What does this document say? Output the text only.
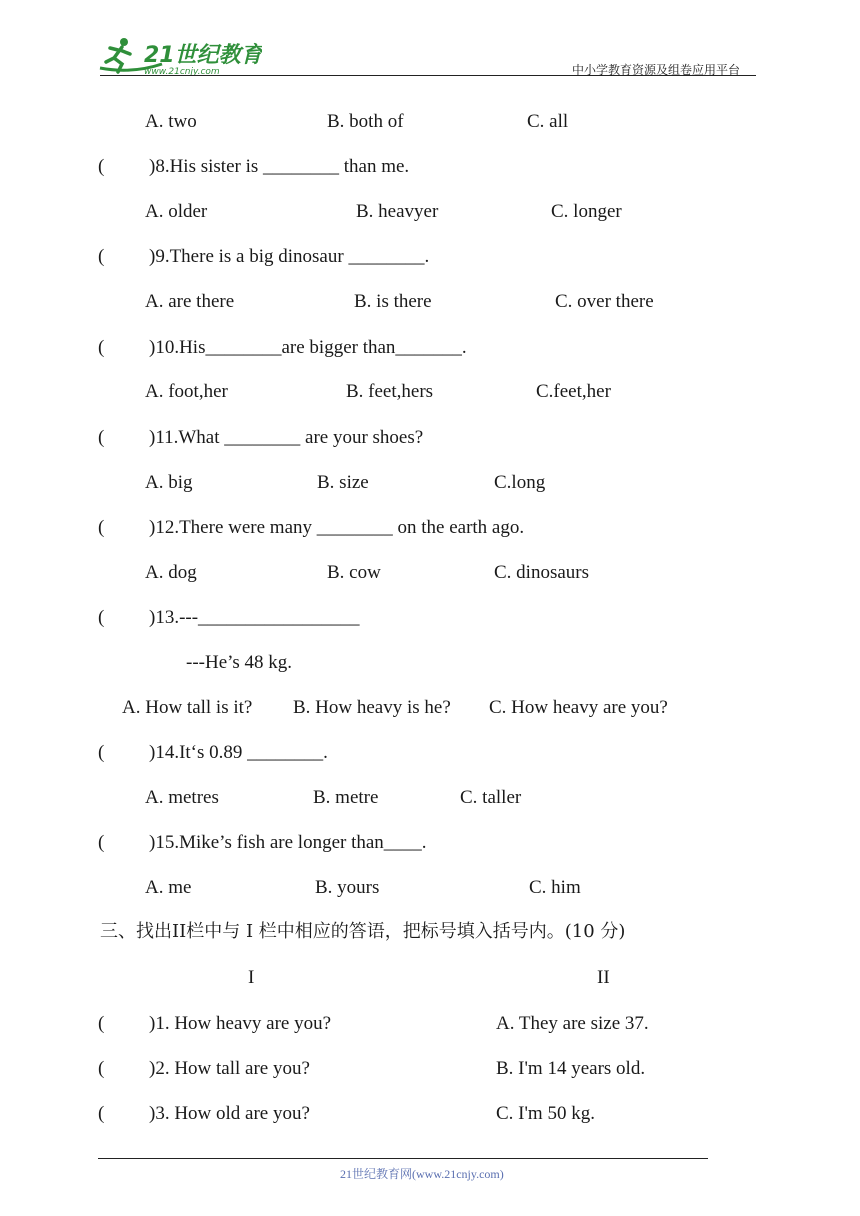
21世纪教育
www.21cnjy.com	中小学教育资源及组卷应用平台
A. two	B. both of	C. all
( )8.His sister is ________ than me.
A. older	B. heavyer	C. longer
( )9.There is a big dinosaur ________.
A. are there	B. is there	C. over there
( )10.His________are bigger than_______.
A. foot,her	B. feet,hers	C.feet,her
( )11.What ________ are your shoes?
A. big	B. size	C.long
( )12.There were many ________ on the earth ago.
A. dog	B. cow	C. dinosaurs
( )13.---_________________
---He’s 48 kg.
A. How tall is it? B. How heavy is he? C. How heavy are you?
( )14.It‘s 0.89 ________.
A. metres	B. metre	C. taller
( )15.Mike’s fish are longer than____.
A. me	B. yours	C. him
三、找出II栏中与 I 栏中相应的答语，把标号填入括号内。(10 分)
I	II
( )1. How heavy are you?	A. They are size 37.
( )2. How tall are you?	B. I'm 14 years old.
( )3. How old are you?	C. I'm 50 kg.
21世纪教育网(www.21cnjy.com)
